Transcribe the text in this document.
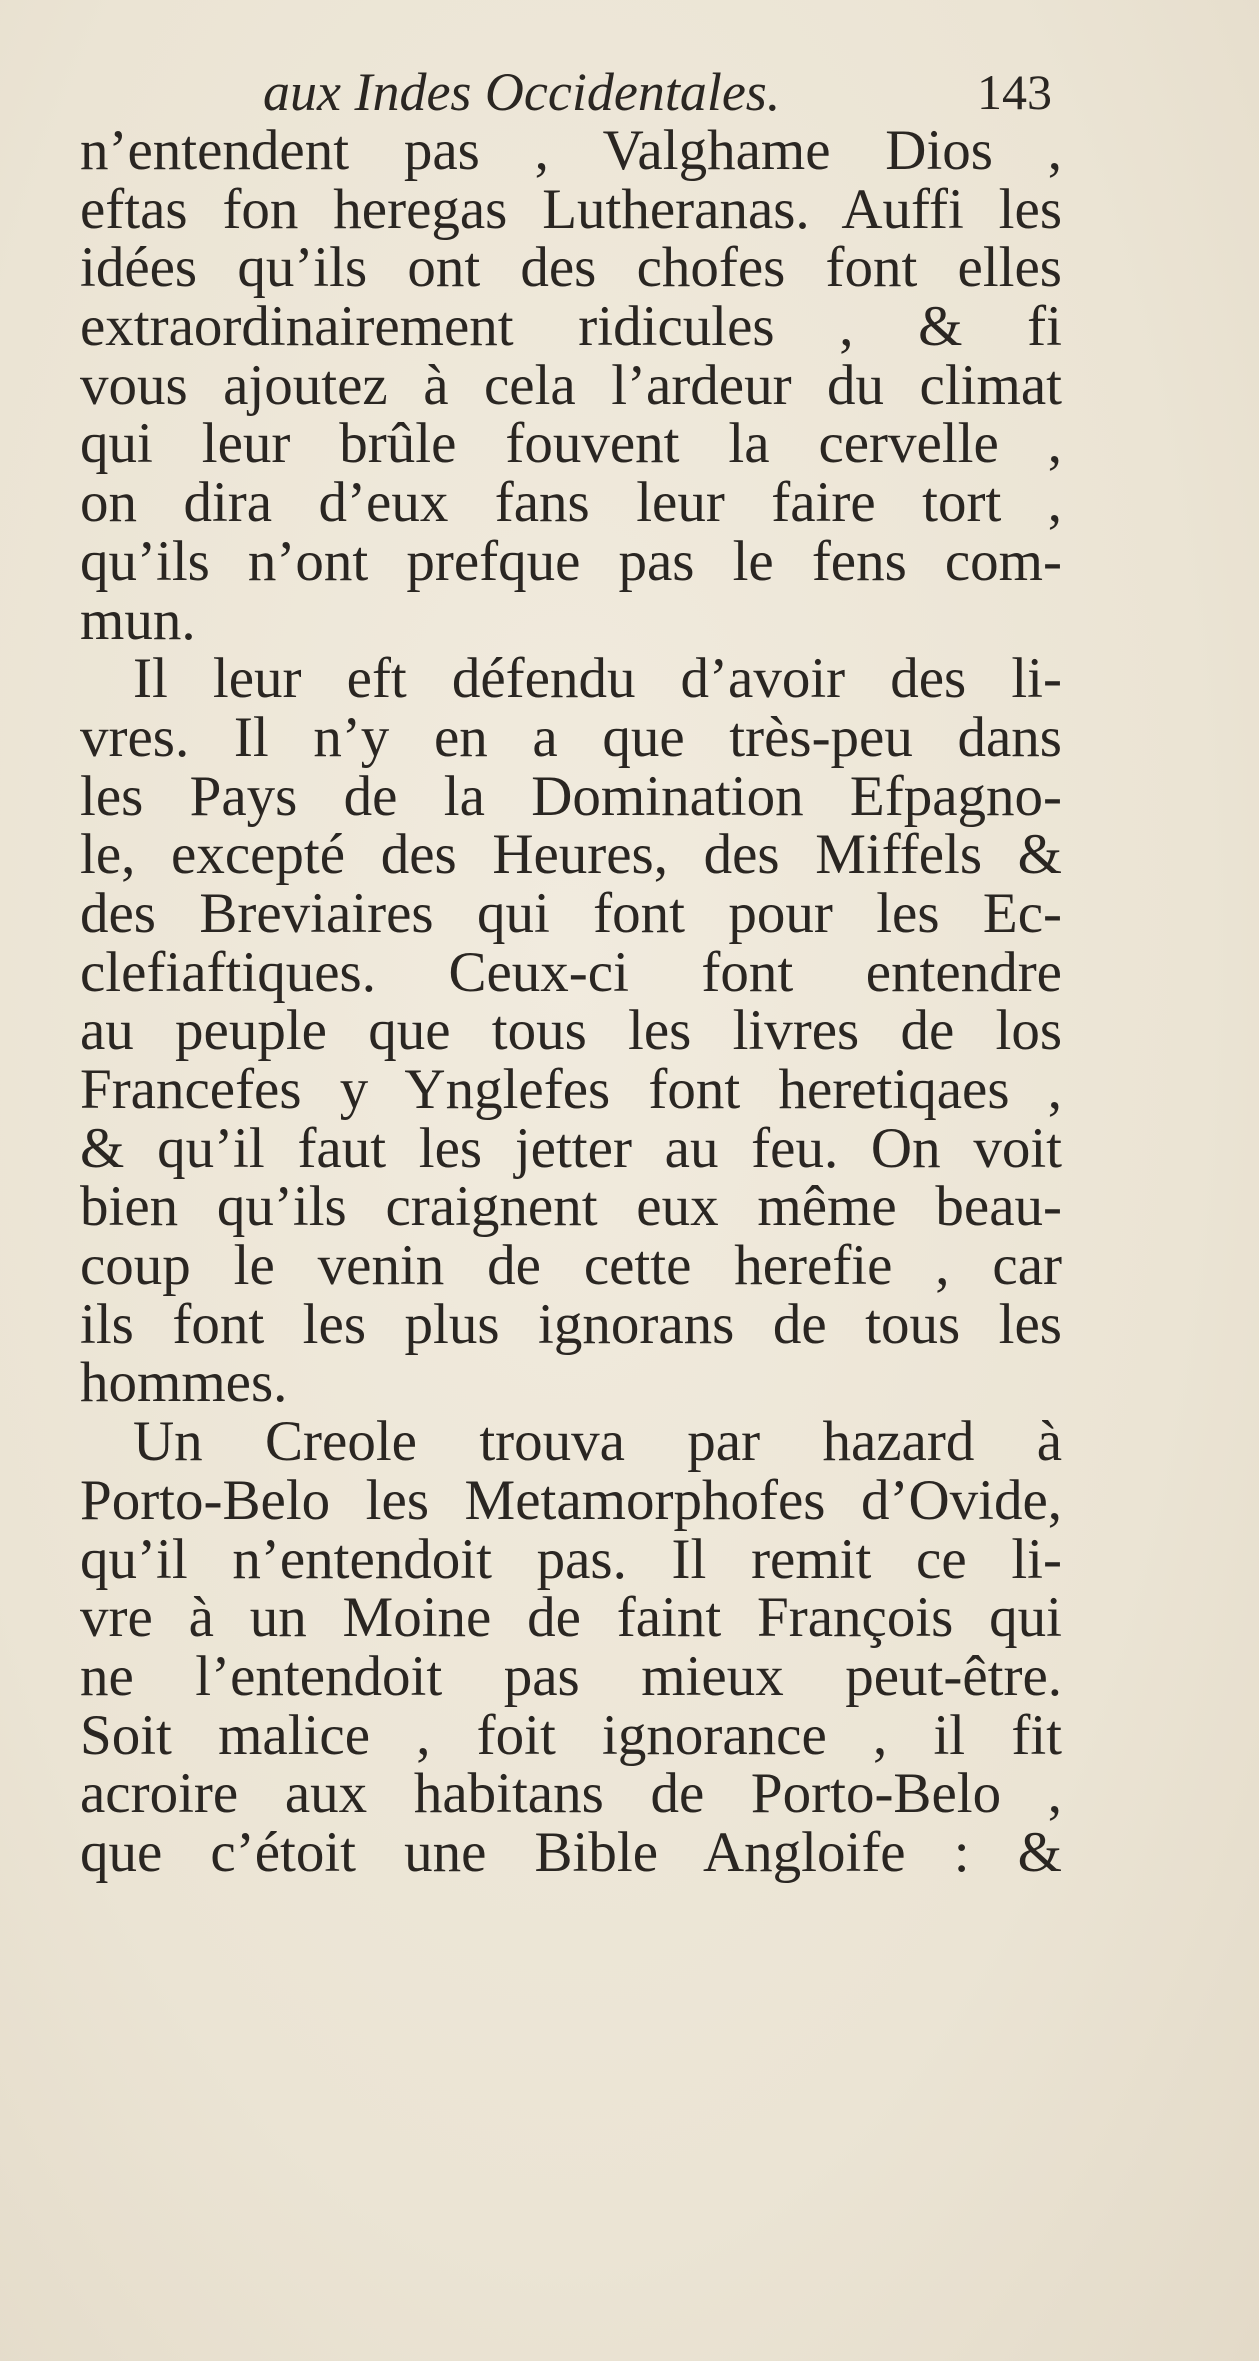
aux Indes Occidentales.	143
n’entendent pas , Valghame Dios ,
eftas fon heregas Lutheranas. Auffi les
idées qu’ils ont des chofes font elles
extraordinairement ridicules , & fi
vous ajoutez à cela l’ardeur du climat
qui leur brûle fouvent la cervelle ,
on dira d’eux fans leur faire tort ,
qu’ils n’ont prefque pas le fens com-
mun.
Il leur eft défendu d’avoir des li-
vres. Il n’y en a que très-peu dans
les Pays de la Domination Efpagno-
le, excepté des Heures, des Miffels &
des Breviaires qui font pour les Ec-
clefiaftiques. Ceux-ci font entendre
au peuple que tous les livres de los
Francefes y Ynglefes font heretiqaes ,
& qu’il faut les jetter au feu. On voit
bien qu’ils craignent eux même beau-
coup le venin de cette herefie , car
ils font les plus ignorans de tous les
hommes.
Un Creole trouva par hazard à
Porto-Belo les Metamorphofes d’Ovide,
qu’il n’entendoit pas. Il remit ce li-
vre à un Moine de faint François qui
ne l’entendoit pas mieux peut-être.
Soit malice , foit ignorance , il fit
acroire aux habitans de Porto-Belo ,
que c’étoit une Bible Angloife : &
